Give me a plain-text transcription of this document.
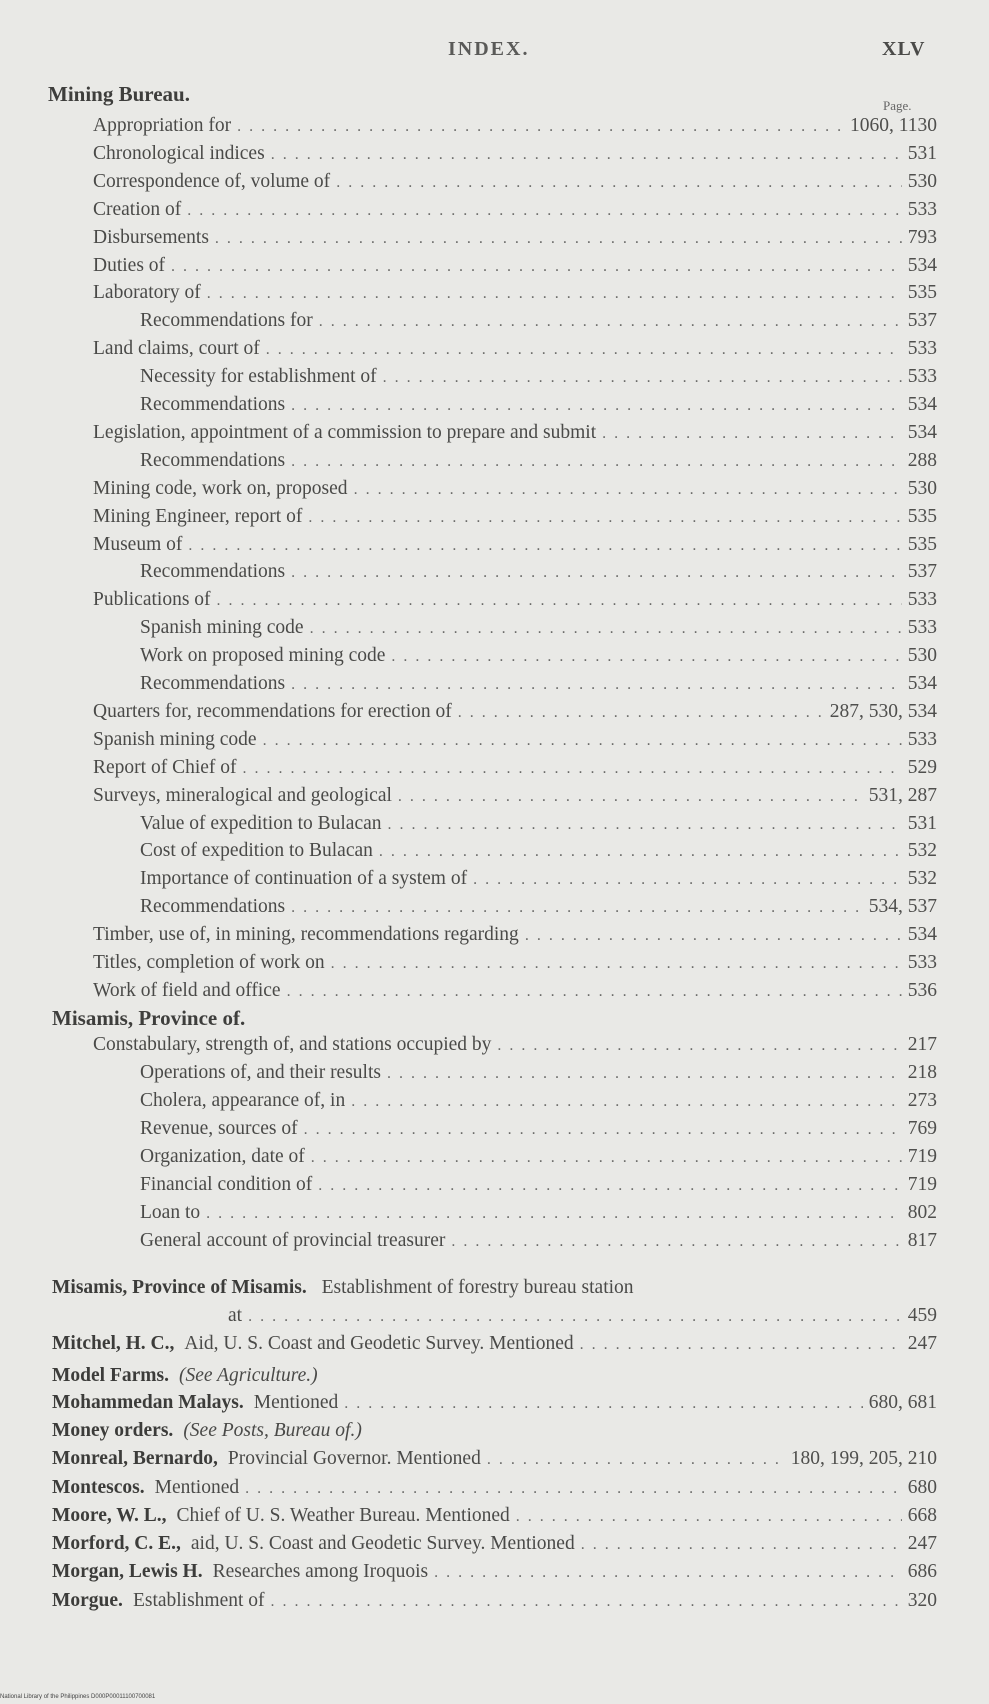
INDEX.	XLV
Mining Bureau.	Page.
Appropriation for . . .	1060, 1130
Chronological indices . . .	531
Correspondence of, volume of . . .	530
Creation of . . .	533
Disbursements . . .	793
Duties of . . .	534
Laboratory of . . .	535
Recommendations for . . .	537
Land claims, court of . . .	533
Necessity for establishment of . . .	533
Recommendations . . .	534
Legislation, appointment of a commission to prepare and submit . . .	534
Recommendations . . .	288
Mining code, work on, proposed . . .	530
Mining Engineer, report of . . .	535
Museum of . . .	535
Recommendations . . .	537
Publications of . . .	533
Spanish mining code . . .	533
Work on proposed mining code . . .	530
Recommendations . . .	534
Quarters for, recommendations for erection of . . .	287, 530, 534
Spanish mining code . . .	533
Report of Chief of . . .	529
Surveys, mineralogical and geological . . .	531, 287
Value of expedition to Bulacan . . .	531
Cost of expedition to Bulacan . . .	532
Importance of continuation of a system of . . .	532
Recommendations . . .	534, 537
Timber, use of, in mining, recommendations regarding . . .	534
Titles, completion of work on . . .	533
Work of field and office . . .	536
Misamis, Province of.
Constabulary, strength of, and stations occupied by . . .	217
Operations of, and their results . . .	218
Cholera, appearance of, in . . .	273
Revenue, sources of . . .	769
Organization, date of . . .	719
Financial condition of . . .	719
Loan to . . .	802
General account of provincial treasurer . . .	817
Misamis, Province of Misamis. Establishment of forestry bureau station
at . . .	459
Mitchel, H. C., Aid, U. S. Coast and Geodetic Survey. Mentioned . . .	247
Model Farms. (See Agriculture.)
Mohammedan Malays. Mentioned . . .	680, 681
Money orders. (See Posts, Bureau of.)
Monreal, Bernardo, Provincial Governor. Mentioned . . .	180, 199, 205, 210
Montescos. Mentioned . . .	680
Moore, W. L., Chief of U. S. Weather Bureau. Mentioned . . .	668
Morford, C. E., aid, U. S. Coast and Geodetic Survey. Mentioned . . .	247
Morgan, Lewis H. Researches among Iroquois . . .	686
Morgue. Establishment of . . .	320
National Library of the Philippines D000P00011100700081
